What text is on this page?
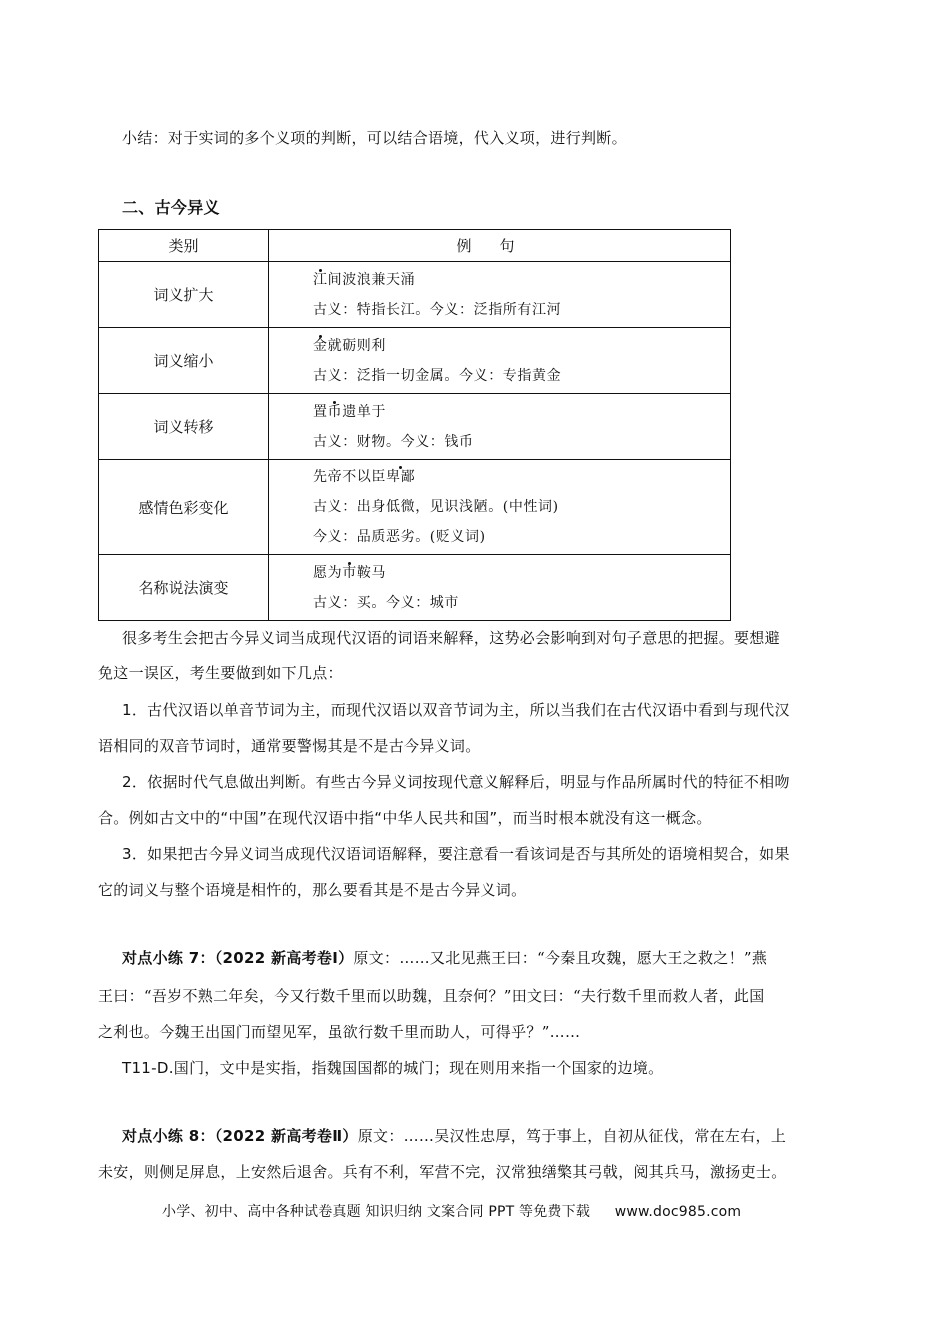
小结：对于实词的多个义项的判断，可以结合语境，代入义项，进行判断。
二、古今异义
类别	例句
词义扩大	江间波浪兼天涌
古义：特指长江。今义：泛指所有江河

词义缩小	金就砺则利
古义：泛指一切金属。今义：专指黄金

词义转移	置币遗单于
古义：财物。今义：钱币

感情色彩变化	先帝不以臣卑鄙
古义：出身低微，见识浅陋。(中性词)
今义：品质恶劣。(贬义词)

名称说法演变	愿为市鞍马
古义：买。今义：城市
很多考生会把古今异义词当成现代汉语的词语来解释，这势必会影响到对句子意思的把握。要想避
免这一误区，考生要做到如下几点：
1．古代汉语以单音节词为主，而现代汉语以双音节词为主，所以当我们在古代汉语中看到与现代汉
语相同的双音节词时，通常要警惕其是不是古今异义词。
2．依据时代气息做出判断。有些古今异义词按现代意义解释后，明显与作品所属时代的特征不相吻
合。例如古文中的“中国”在现代汉语中指“中华人民共和国”，而当时根本就没有这一概念。
3．如果把古今异义词当成现代汉语词语解释，要注意看一看该词是否与其所处的语境相契合，如果
它的词义与整个语境是相忤的，那么要看其是不是古今异义词。
对点小练 7：（2022 新高考卷Ⅰ）原文：……又北见燕王曰：“今秦且攻魏，愿大王之救之！”燕
王曰：“吾岁不熟二年矣，今又行数千里而以助魏，且奈何？”田文曰：“夫行数千里而救人者，此国
之利也。今魏王出国门而望见军，虽欲行数千里而助人，可得乎？”……
T11-D.国门，文中是实指，指魏国国都的城门；现在则用来指一个国家的边境。
对点小练 8：（2022 新高考卷Ⅱ）原文：……吴汉性忠厚，笃于事上，自初从征伐，常在左右，上
未安，则侧足屏息，上安然后退舍。兵有不利，军营不完，汉常独缮檠其弓戟，阅其兵马，激扬吏士。
小学、初中、高中各种试卷真题 知识归纳 文案合同 PPT 等免费下载 www.doc985.com
